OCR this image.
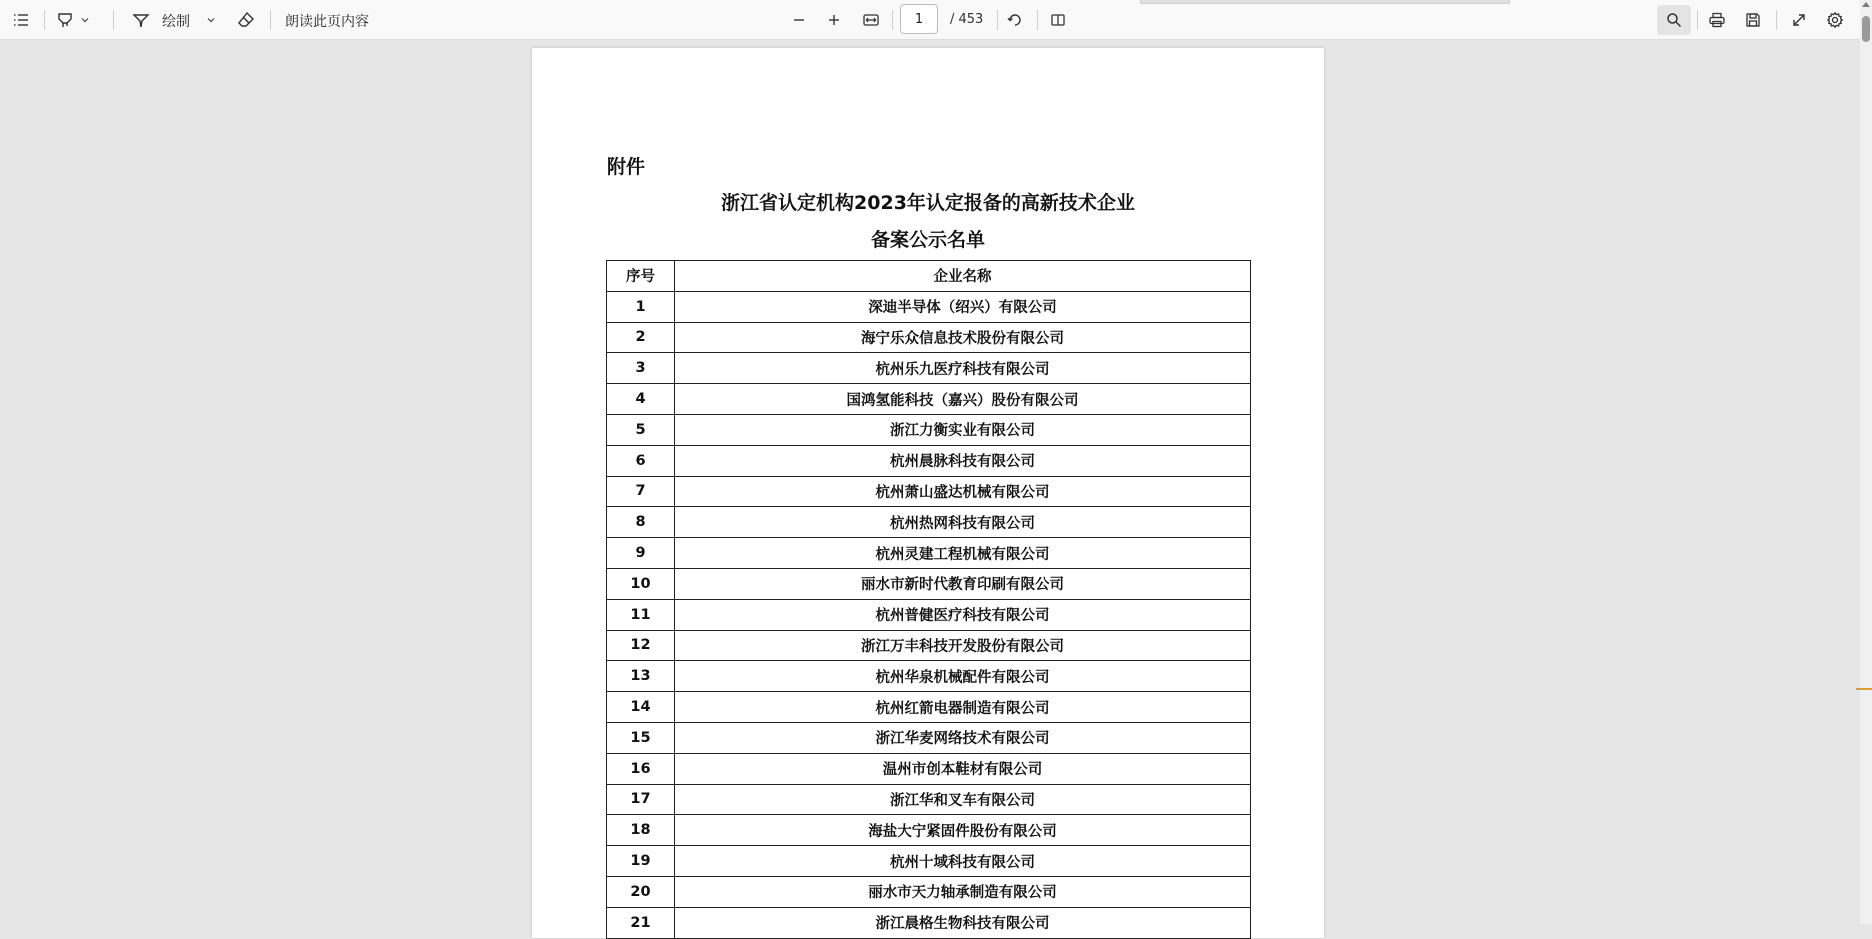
绘制	朗读此页内容
1	/ 453
附件
浙江省认定机构2023年认定报备的高新技术企业
备案公示名单
序号	企业名称
1	深迪半导体（绍兴）有限公司
2	海宁乐众信息技术股份有限公司
3	杭州乐九医疗科技有限公司
4	国鸿氢能科技（嘉兴）股份有限公司
5	浙江力衡实业有限公司
6	杭州晨脉科技有限公司
7	杭州萧山盛达机械有限公司
8	杭州热网科技有限公司
9	杭州灵建工程机械有限公司
10	丽水市新时代教育印刷有限公司
11	杭州普健医疗科技有限公司
12	浙江万丰科技开发股份有限公司
13	杭州华泉机械配件有限公司
14	杭州红箭电器制造有限公司
15	浙江华麦网络技术有限公司
16	温州市创本鞋材有限公司
17	浙江华和叉车有限公司
18	海盐大宁紧固件股份有限公司
19	杭州十域科技有限公司
20	丽水市天力轴承制造有限公司
21	浙江晨格生物科技有限公司
